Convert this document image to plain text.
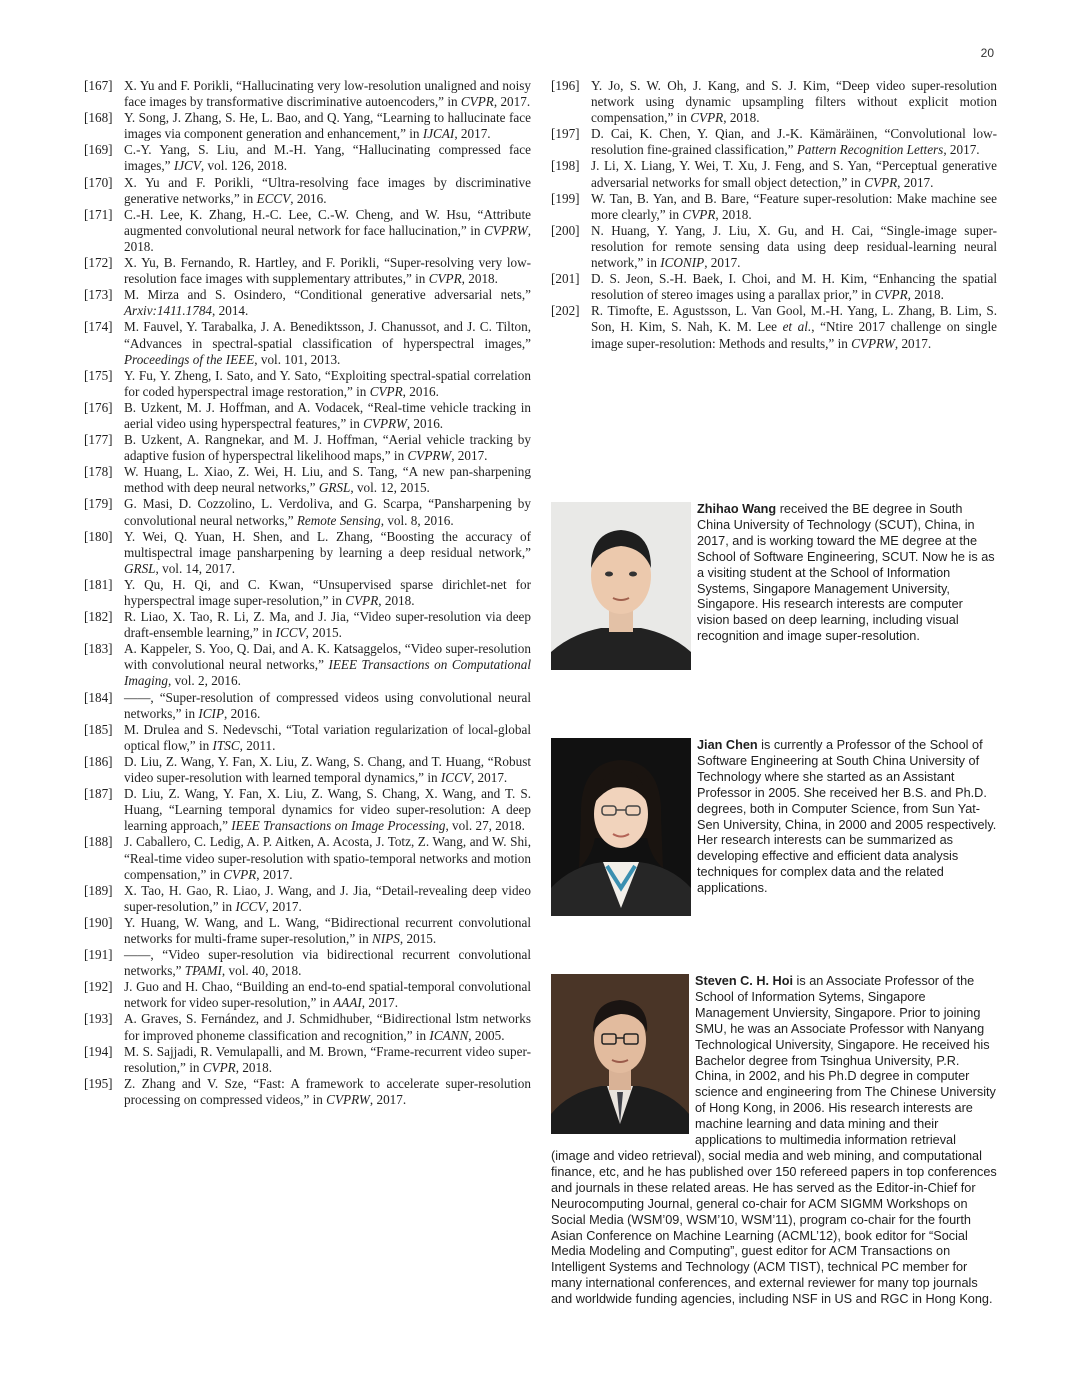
20

[167] X. Yu and F. Porikli, “Hallucinating very low-resolution unaligned and noisy face images by transformative discriminative autoencoders,” in CVPR, 2017.

[168] Y. Song, J. Zhang, S. He, L. Bao, and Q. Yang, “Learning to hallucinate face images via component generation and enhancement,” in IJCAI, 2017.

[169] C.-Y. Yang, S. Liu, and M.-H. Yang, “Hallucinating compressed face images,” IJCV, vol. 126, 2018.

[170] X. Yu and F. Porikli, “Ultra-resolving face images by discriminative generative networks,” in ECCV, 2016.

[171] C.-H. Lee, K. Zhang, H.-C. Lee, C.-W. Cheng, and W. Hsu, “Attribute augmented convolutional neural network for face hallucination,” in CVPRW, 2018.

[172] X. Yu, B. Fernando, R. Hartley, and F. Porikli, “Super-resolving very low-resolution face images with supplementary attributes,” in CVPR, 2018.

[173] M. Mirza and S. Osindero, “Conditional generative adversarial nets,” Arxiv:1411.1784, 2014.

[174] M. Fauvel, Y. Tarabalka, J. A. Benediktsson, J. Chanussot, and J. C. Tilton, “Advances in spectral-spatial classification of hyperspectral images,” Proceedings of the IEEE, vol. 101, 2013.

[175] Y. Fu, Y. Zheng, I. Sato, and Y. Sato, “Exploiting spectral-spatial correlation for coded hyperspectral image restoration,” in CVPR, 2016.

[176] B. Uzkent, M. J. Hoffman, and A. Vodacek, “Real-time vehicle tracking in aerial video using hyperspectral features,” in CVPRW, 2016.

[177] B. Uzkent, A. Rangnekar, and M. J. Hoffman, “Aerial vehicle tracking by adaptive fusion of hyperspectral likelihood maps,” in CVPRW, 2017.

[178] W. Huang, L. Xiao, Z. Wei, H. Liu, and S. Tang, “A new pan-sharpening method with deep neural networks,” GRSL, vol. 12, 2015.

[179] G. Masi, D. Cozzolino, L. Verdoliva, and G. Scarpa, “Pansharpening by convolutional neural networks,” Remote Sensing, vol. 8, 2016.

[180] Y. Wei, Q. Yuan, H. Shen, and L. Zhang, “Boosting the accuracy of multispectral image pansharpening by learning a deep residual network,” GRSL, vol. 14, 2017.

[181] Y. Qu, H. Qi, and C. Kwan, “Unsupervised sparse dirichlet-net for hyperspectral image super-resolution,” in CVPR, 2018.

[182] R. Liao, X. Tao, R. Li, Z. Ma, and J. Jia, “Video super-resolution via deep draft-ensemble learning,” in ICCV, 2015.

[183] A. Kappeler, S. Yoo, Q. Dai, and A. K. Katsaggelos, “Video super-resolution with convolutional neural networks,” IEEE Transactions on Computational Imaging, vol. 2, 2016.

[184] ——, “Super-resolution of compressed videos using convolutional neural networks,” in ICIP, 2016.

[185] M. Drulea and S. Nedevschi, “Total variation regularization of local-global optical flow,” in ITSC, 2011.

[186] D. Liu, Z. Wang, Y. Fan, X. Liu, Z. Wang, S. Chang, and T. Huang, “Robust video super-resolution with learned temporal dynamics,” in ICCV, 2017.

[187] D. Liu, Z. Wang, Y. Fan, X. Liu, Z. Wang, S. Chang, X. Wang, and T. S. Huang, “Learning temporal dynamics for video super-resolution: A deep learning approach,” IEEE Transactions on Image Processing, vol. 27, 2018.

[188] J. Caballero, C. Ledig, A. P. Aitken, A. Acosta, J. Totz, Z. Wang, and W. Shi, “Real-time video super-resolution with spatio-temporal networks and motion compensation,” in CVPR, 2017.

[189] X. Tao, H. Gao, R. Liao, J. Wang, and J. Jia, “Detail-revealing deep video super-resolution,” in ICCV, 2017.

[190] Y. Huang, W. Wang, and L. Wang, “Bidirectional recurrent convolutional networks for multi-frame super-resolution,” in NIPS, 2015.

[191] ——, “Video super-resolution via bidirectional recurrent convolutional networks,” TPAMI, vol. 40, 2018.

[192] J. Guo and H. Chao, “Building an end-to-end spatial-temporal convolutional network for video super-resolution,” in AAAI, 2017.

[193] A. Graves, S. Fernández, and J. Schmidhuber, “Bidirectional lstm networks for improved phoneme classification and recognition,” in ICANN, 2005.

[194] M. S. Sajjadi, R. Vemulapalli, and M. Brown, “Frame-recurrent video super-resolution,” in CVPR, 2018.

[195] Z. Zhang and V. Sze, “Fast: A framework to accelerate super-resolution processing on compressed videos,” in CVPRW, 2017.

[196] Y. Jo, S. W. Oh, J. Kang, and S. J. Kim, “Deep video super-resolution network using dynamic upsampling filters without explicit motion compensation,” in CVPR, 2018.

[197] D. Cai, K. Chen, Y. Qian, and J.-K. Kämäräinen, “Convolutional low-resolution fine-grained classification,” Pattern Recognition Letters, 2017.

[198] J. Li, X. Liang, Y. Wei, T. Xu, J. Feng, and S. Yan, “Perceptual generative adversarial networks for small object detection,” in CVPR, 2017.

[199] W. Tan, B. Yan, and B. Bare, “Feature super-resolution: Make machine see more clearly,” in CVPR, 2018.

[200] N. Huang, Y. Yang, J. Liu, X. Gu, and H. Cai, “Single-image super-resolution for remote sensing data using deep residual-learning neural network,” in ICONIP, 2017.

[201] D. S. Jeon, S.-H. Baek, I. Choi, and M. H. Kim, “Enhancing the spatial resolution of stereo images using a parallax prior,” in CVPR, 2018.

[202] R. Timofte, E. Agustsson, L. Van Gool, M.-H. Yang, L. Zhang, B. Lim, S. Son, H. Kim, S. Nah, K. M. Lee et al., “Ntire 2017 challenge on single image super-resolution: Methods and results,” in CVPRW, 2017.

Zhihao Wang received the BE degree in South China University of Technology (SCUT), China, in 2017, and is working toward the ME degree at the School of Software Engineering, SCUT. Now he is as a visiting student at the School of Information Systems, Singapore Management University, Singapore. His research interests are computer vision based on deep learning, including visual recognition and image super-resolution.
Jian Chen is currently a Professor of the School of Software Engineering at South China University of Technology where she started as an Assistant Professor in 2005. She received her B.S. and Ph.D. degrees, both in Computer Science, from Sun Yat-Sen University, China, in 2000 and 2005 respectively. Her research interests can be summarized as developing effective and efficient data analysis techniques for complex data and the related applications.
Steven C. H. Hoi is an Associate Professor of the School of Information Sytems, Singapore Management Unviersity, Singapore. Prior to joining SMU, he was an Associate Professor with Nanyang Technological University, Singapore. He received his Bachelor degree from Tsinghua University, P.R. China, in 2002, and his Ph.D degree in computer science and engineering from The Chinese University of Hong Kong, in 2006. His research interests are machine learning and data mining and their applications to multimedia information retrieval (image and video retrieval), social media and web mining, and computational finance, etc, and he has published over 150 refereed papers in top conferences and journals in these related areas. He has served as the Editor-in-Chief for Neurocomputing Journal, general co-chair for ACM SIGMM Workshops on Social Media (WSM’09, WSM’10, WSM’11), program co-chair for the fourth Asian Conference on Machine Learning (ACML’12), book editor for “Social Media Modeling and Computing”, guest editor for ACM Transactions on Intelligent Systems and Technology (ACM TIST), technical PC member for many international conferences, and external reviewer for many top journals and worldwide funding agencies, including NSF in US and RGC in Hong Kong.
